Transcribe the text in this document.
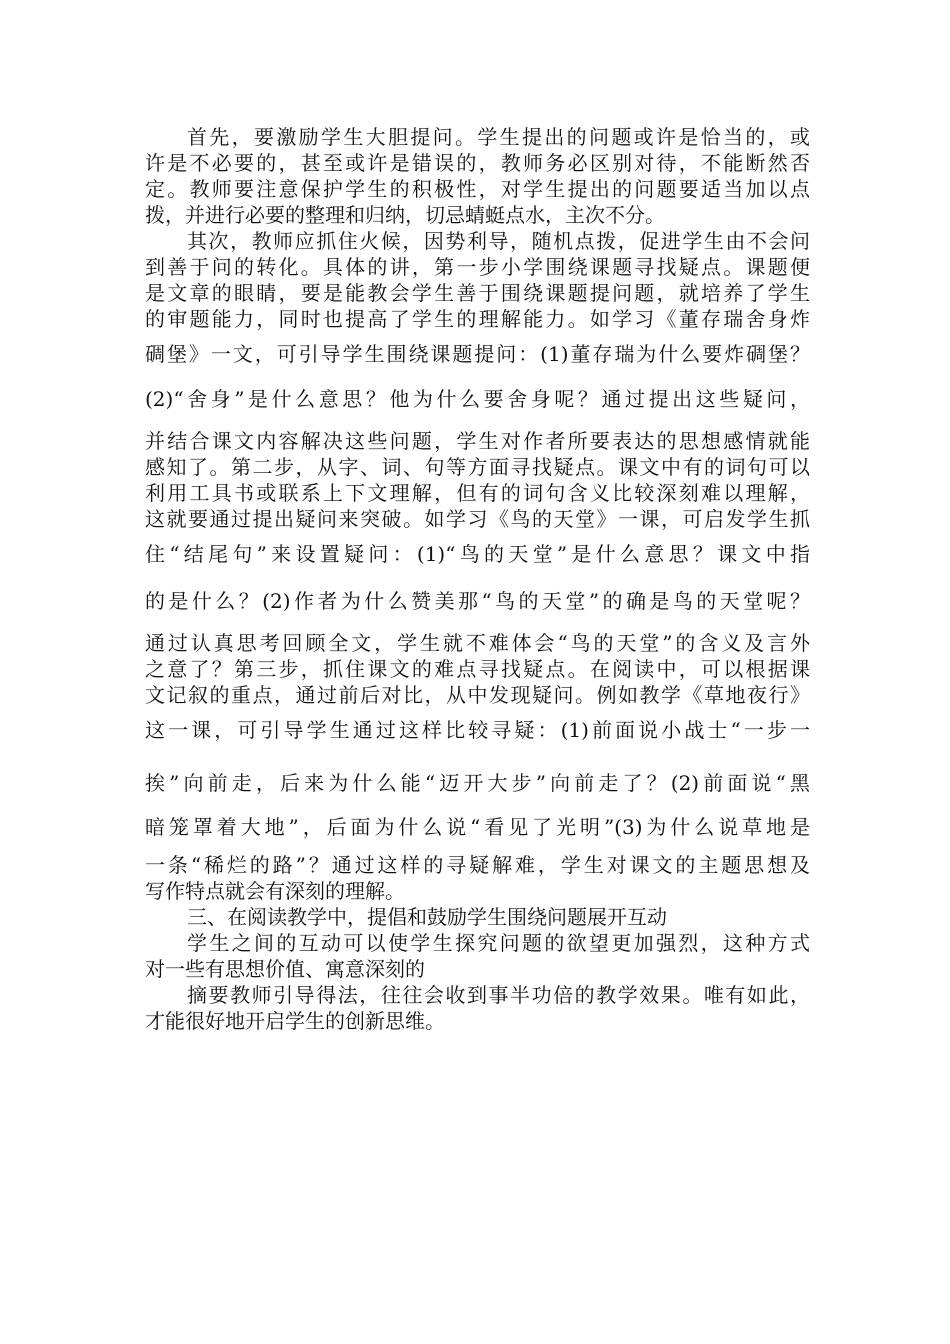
首先，要激励学生大胆提问。学生提出的问题或许是恰当的，或
许是不必要的，甚至或许是错误的，教师务必区别对待，不能断然否
定。教师要注意保护学生的积极性，对学生提出的问题要适当加以点
拨，并进行必要的整理和归纳，切忌蜻蜓点水，主次不分。
其次，教师应抓住火候，因势利导，随机点拨，促进学生由不会问
到善于问的转化。具体的讲，第一步小学围绕课题寻找疑点。课题便
是文章的眼睛，要是能教会学生善于围绕课题提问题，就培养了学生
的审题能力，同时也提高了学生的理解能力。如学习《董存瑞舍身炸
碉堡》一文，可引导学生围绕课题提问：(1)董存瑞为什么要炸碉堡？
(2)“舍身”是什么意思？他为什么要舍身呢？通过提出这些疑问，
并结合课文内容解决这些问题，学生对作者所要表达的思想感情就能
感知了。第二步，从字、词、句等方面寻找疑点。课文中有的词句可以
利用工具书或联系上下文理解，但有的词句含义比较深刻难以理解，
这就要通过提出疑问来突破。如学习《鸟的天堂》一课，可启发学生抓
住“结尾句”来设置疑问：(1)“鸟的天堂”是什么意思？课文中指
的是什么？(2)作者为什么赞美那“鸟的天堂”的确是鸟的天堂呢？
通过认真思考回顾全文，学生就不难体会“鸟的天堂”的含义及言外
之意了？第三步，抓住课文的难点寻找疑点。在阅读中，可以根据课
文记叙的重点，通过前后对比，从中发现疑问。例如教学《草地夜行》
这一课，可引导学生通过这样比较寻疑：(1)前面说小战士“一步一
挨”向前走，后来为什么能“迈开大步”向前走了？(2)前面说“黑
暗笼罩着大地”，后面为什么说“看见了光明”(3)为什么说草地是
一条“稀烂的路”？通过这样的寻疑解难，学生对课文的主题思想及
写作特点就会有深刻的理解。
三、在阅读教学中，提倡和鼓励学生围绕问题展开互动
学生之间的互动可以使学生探究问题的欲望更加强烈，这种方式
对一些有思想价值、寓意深刻的
摘要教师引导得法，往往会收到事半功倍的教学效果。唯有如此，
才能很好地开启学生的创新思维。
